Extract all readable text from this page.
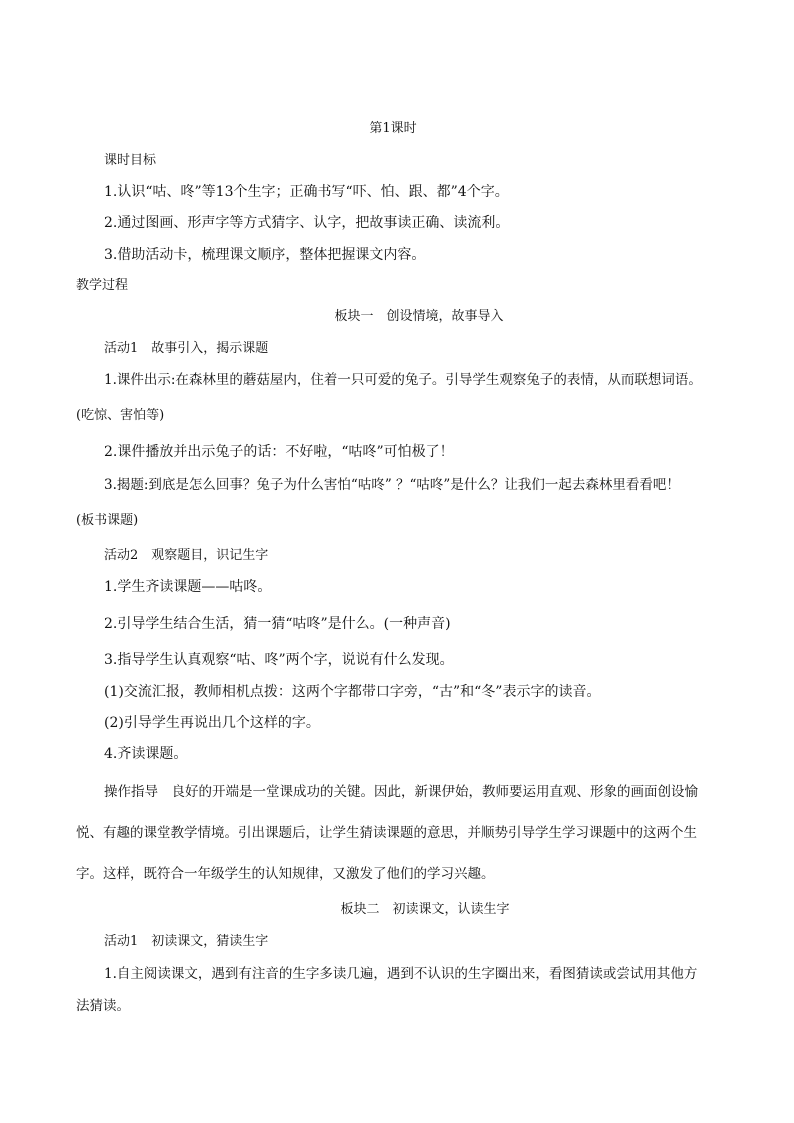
第1课时
课时目标
1.认识“咕、咚”等13个生字；正确书写“吓、怕、跟、都”4个字。
2.通过图画、形声字等方式猜字、认字，把故事读正确、读流利。
3.借助活动卡，梳理课文顺序，整体把握课文内容。
教学过程
板块一　创设情境，故事导入
活动1　故事引入，揭示课题
1.课件出示:在森林里的蘑菇屋内，住着一只可爱的兔子。引导学生观察兔子的表情，从而联想词语。
(吃惊、害怕等)
2.课件播放并出示兔子的话：不好啦，“咕咚”可怕极了！
3.揭题:到底是怎么回事？兔子为什么害怕“咕咚” ？“咕咚”是什么？让我们一起去森林里看看吧！
(板书课题)
活动2　观察题目，识记生字
1.学生齐读课题——咕咚。
2.引导学生结合生活，猜一猜“咕咚”是什么。(一种声音)
3.指导学生认真观察“咕、咚”两个字，说说有什么发现。
(1)交流汇报，教师相机点拨：这两个字都带口字旁，“古”和“冬”表示字的读音。
(2)引导学生再说出几个这样的字。
4.齐读课题。
操作指导　良好的开端是一堂课成功的关键。因此，新课伊始，教师要运用直观、形象的画面创设愉
悦、有趣的课堂教学情境。引出课题后，让学生猜读课题的意思，并顺势引导学生学习课题中的这两个生
字。这样，既符合一年级学生的认知规律，又激发了他们的学习兴趣。
板块二　初读课文，认读生字
活动1　初读课文，猜读生字
1.自主阅读课文，遇到有注音的生字多读几遍，遇到不认识的生字圈出来，看图猜读或尝试用其他方
法猜读。
